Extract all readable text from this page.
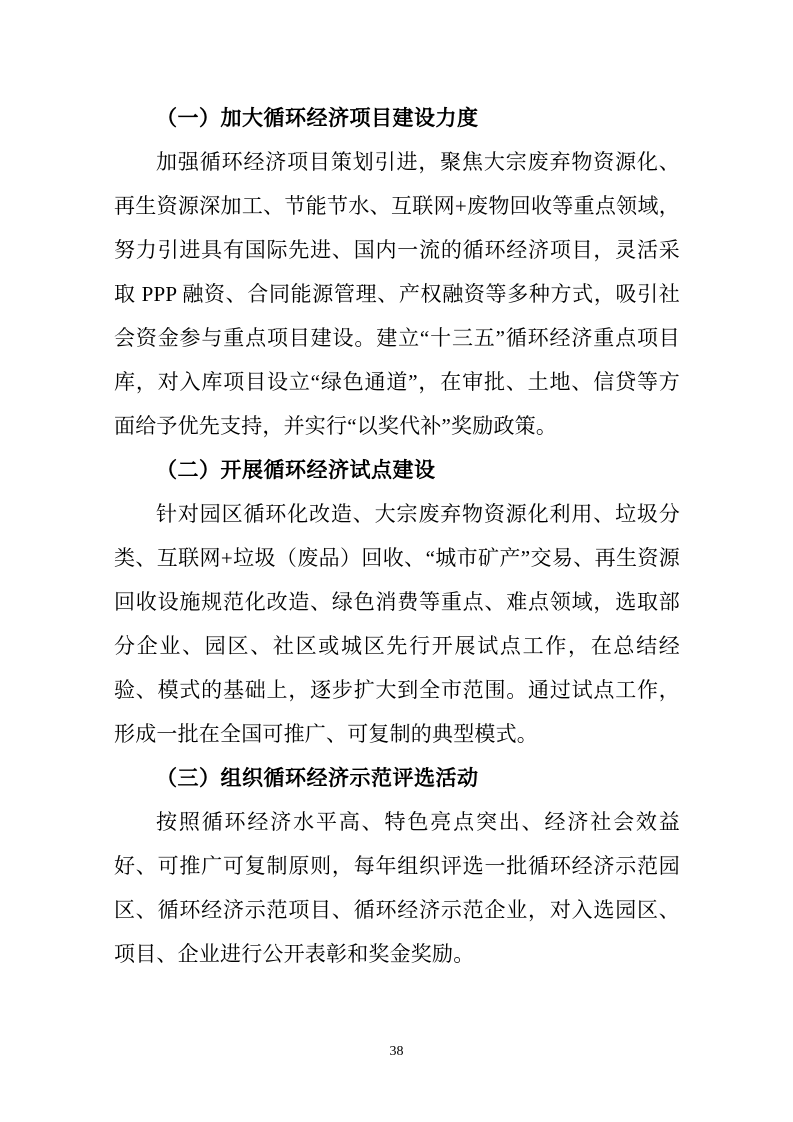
（一）加大循环经济项目建设力度

加强循环经济项目策划引进，聚焦大宗废弃物资源化、再生资源深加工、节能节水、互联网+废物回收等重点领域，努力引进具有国际先进、国内一流的循环经济项目，灵活采取 PPP 融资、合同能源管理、产权融资等多种方式，吸引社会资金参与重点项目建设。建立“十三五”循环经济重点项目库，对入库项目设立“绿色通道”，在审批、土地、信贷等方面给予优先支持，并实行“以奖代补”奖励政策。

（二）开展循环经济试点建设

针对园区循环化改造、大宗废弃物资源化利用、垃圾分类、互联网+垃圾（废品）回收、“城市矿产”交易、再生资源回收设施规范化改造、绿色消费等重点、难点领域，选取部分企业、园区、社区或城区先行开展试点工作，在总结经验、模式的基础上，逐步扩大到全市范围。通过试点工作，形成一批在全国可推广、可复制的典型模式。

（三）组织循环经济示范评选活动

按照循环经济水平高、特色亮点突出、经济社会效益好、可推广可复制原则，每年组织评选一批循环经济示范园区、循环经济示范项目、循环经济示范企业，对入选园区、项目、企业进行公开表彰和奖金奖励。

38
